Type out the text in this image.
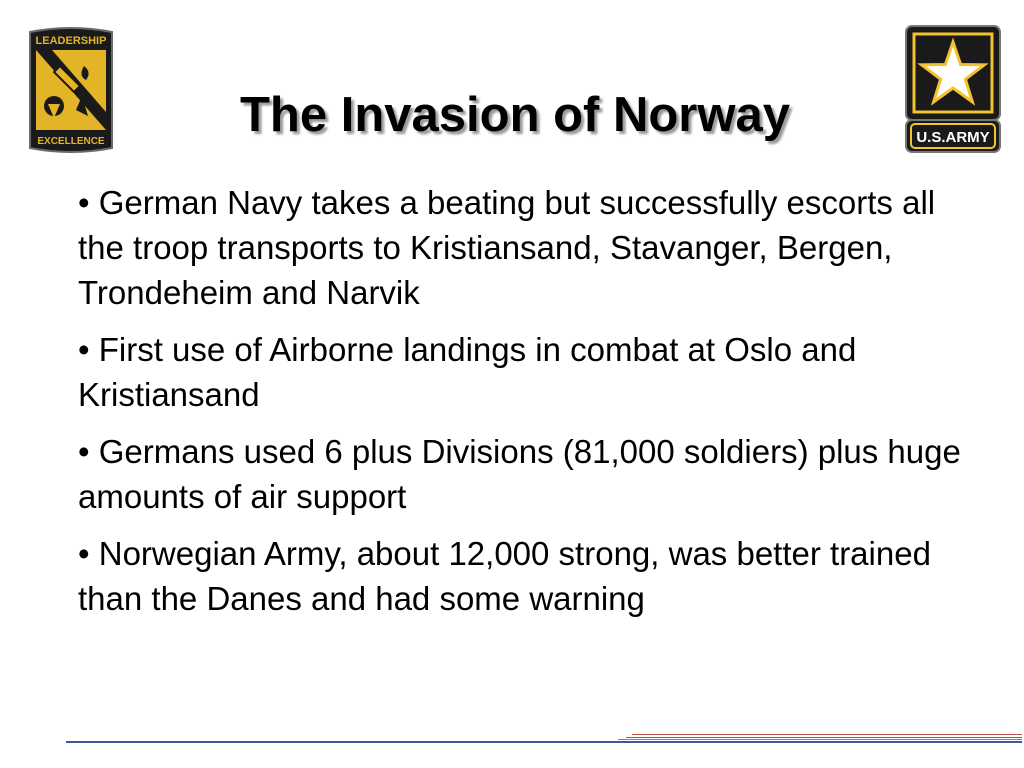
LEADERSHIP
EXCELLENCE	The Invasion of Norway	U.S.ARMY
• German Navy takes a beating but successfully escorts all the troop transports to Kristiansand, Stavanger, Bergen, Trondeheim and Narvik
• First use of Airborne landings in combat at Oslo and Kristiansand
• Germans used 6 plus Divisions (81,000 soldiers) plus huge amounts of air support
• Norwegian Army, about 12,000 strong, was better trained than the Danes and had some warning
